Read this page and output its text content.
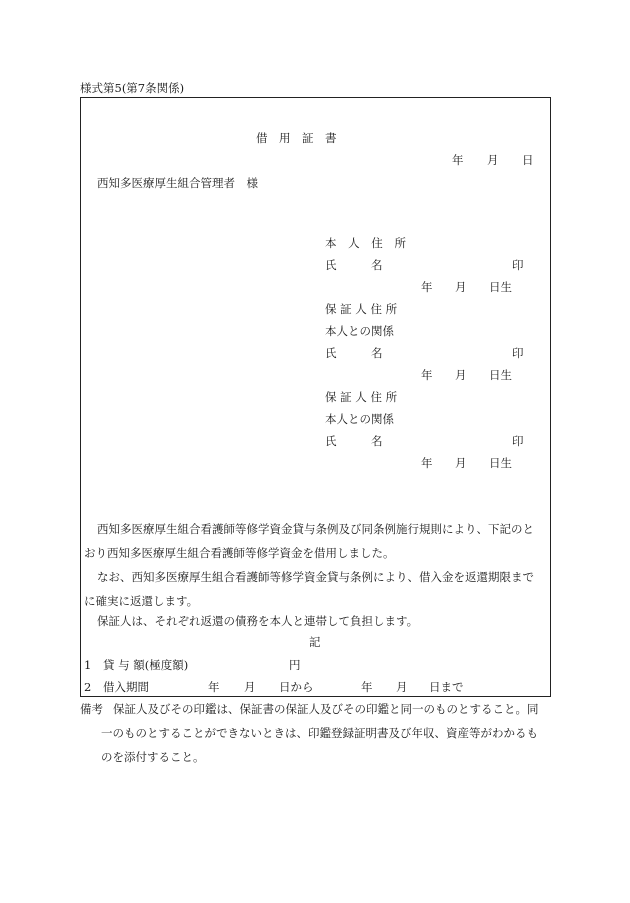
様式第5(第7条関係)
借　用　証　書
年 月 日
西知多医療厚生組合管理者　様
本 人 住 所
氏　　　名	印
年 月 日生
保 証 人 住 所
本人との関係
氏　　　名	印
年 月 日生
保 証 人 住 所
本人との関係
氏　　　名	印
年 月 日生
西知多医療厚生組合看護師等修学資金貸与条例及び同条例施行規則により、下記のと
おり西知多医療厚生組合看護師等修学資金を借用しました。
なお、西知多医療厚生組合看護師等修学資金貸与条例により、借入金を返還期限まで
に確実に返還します。
保証人は、それぞれ返還の債務を本人と連帯して負担します。
記
1 貸 与 額(極度額)	円
2 借入期間	年 月 日から	年 月 日まで
備考 保証人及びその印鑑は、保証書の保証人及びその印鑑と同一のものとすること。同
一のものとすることができないときは、印鑑登録証明書及び年収、資産等がわかるも
のを添付すること。
